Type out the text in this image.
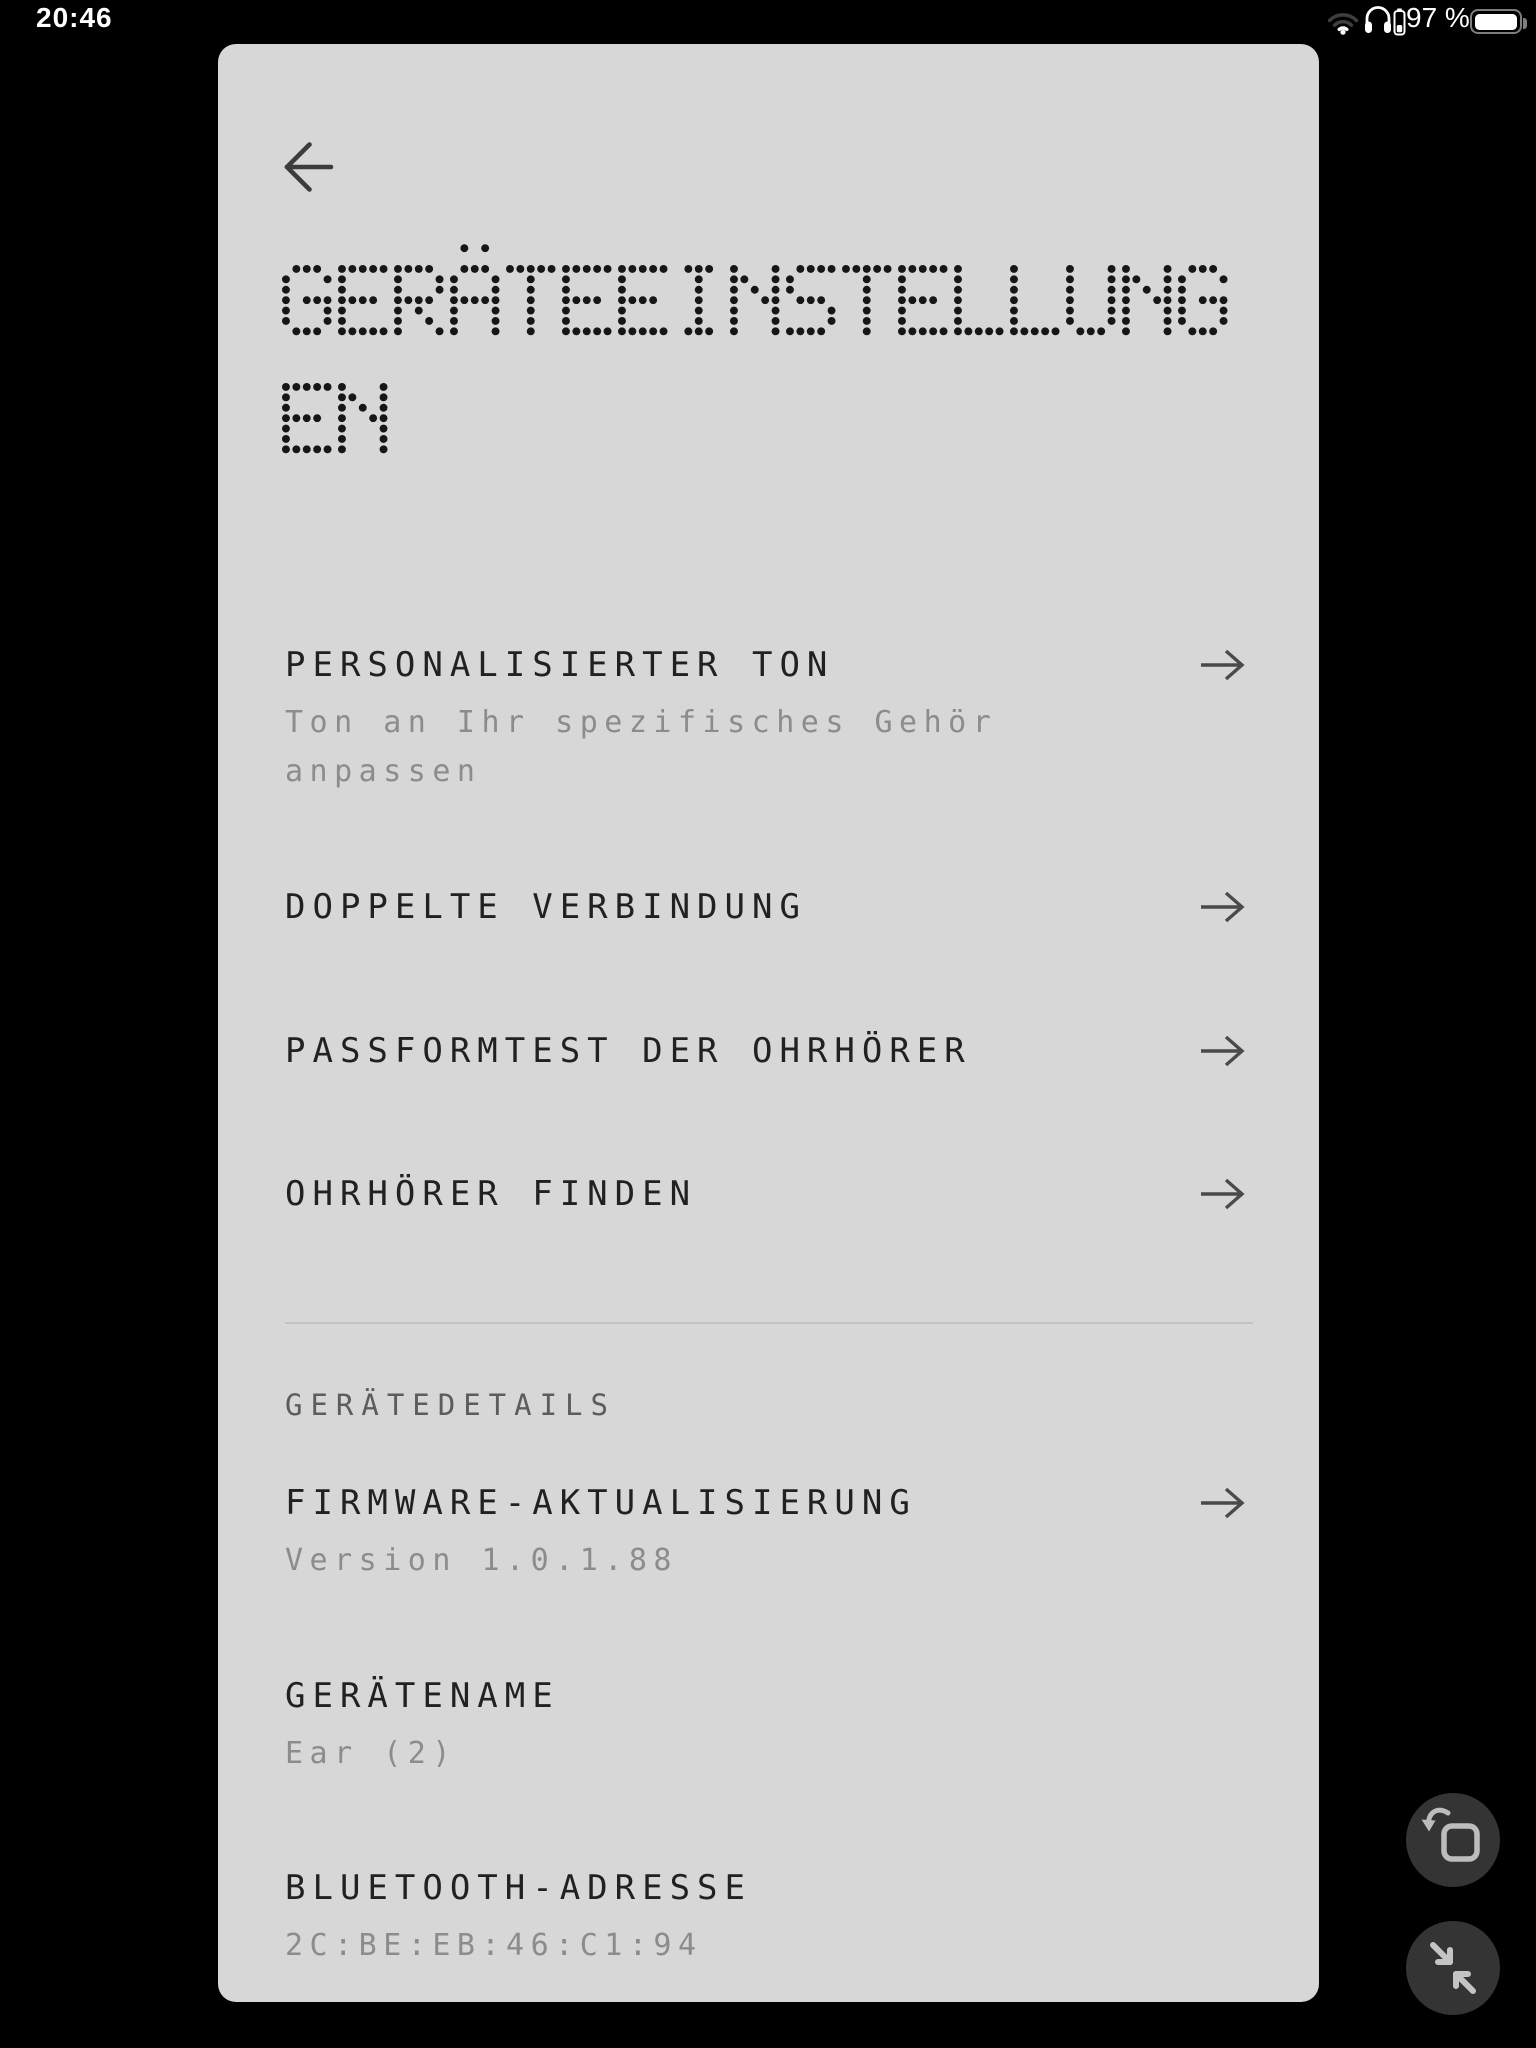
20:46	97 %
PERSONALISIERTER TON
Ton an Ihr spezifisches Gehör anpassen
DOPPELTE VERBINDUNG
PASSFORMTEST DER OHRHÖRER
OHRHÖRER FINDEN
GERÄTEDETAILS
FIRMWARE-AKTUALISIERUNG
Version 1.0.1.88
GERÄTENAME
Ear (2)
BLUETOOTH-ADRESSE
2C:BE:EB:46:C1:94
